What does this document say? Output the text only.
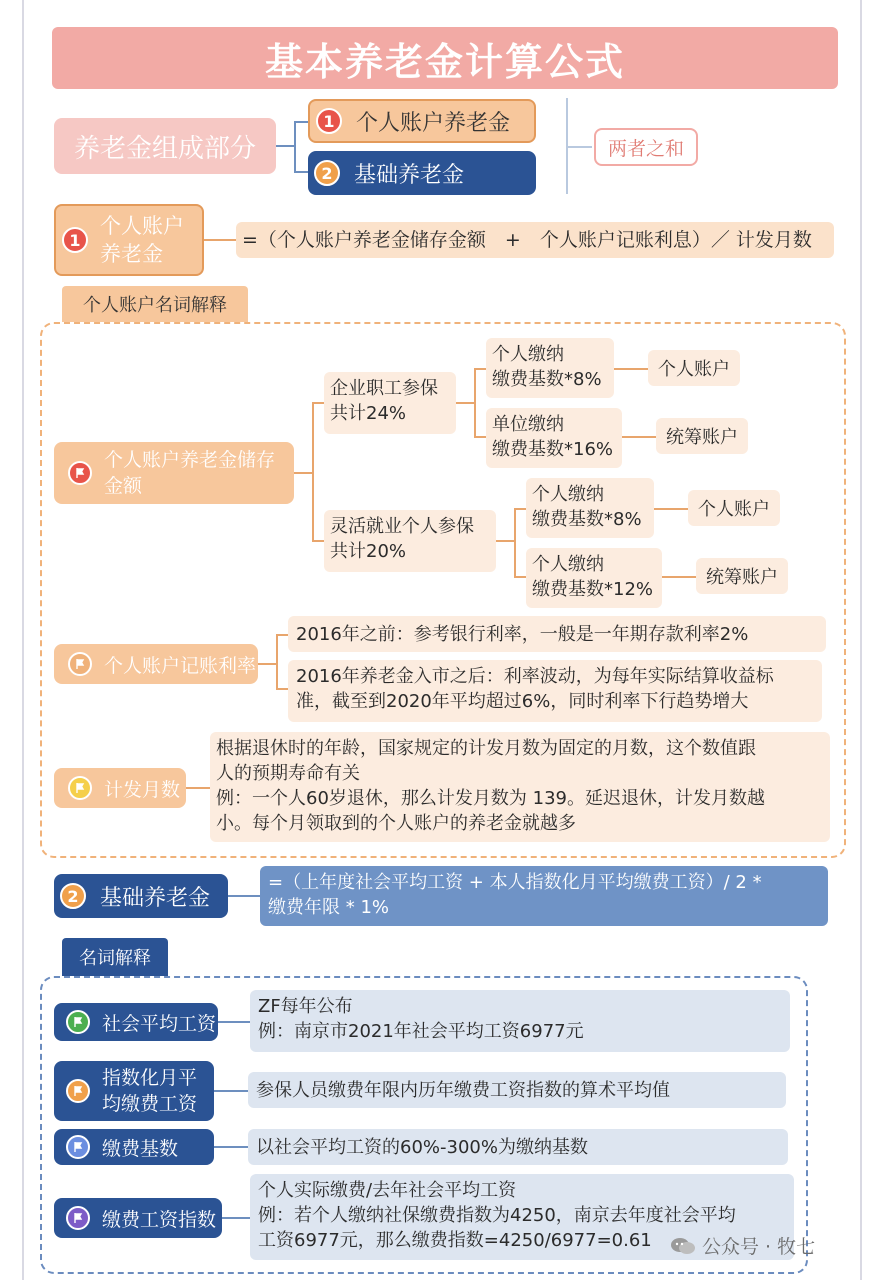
基本养老金计算公式
养老金组成部分
1 个人账户养老金
2 基础养老金
两者之和
1
个人账户
养老金
=（个人账户养老金储存金额　+　个人账户记账利息）／ 计发月数
个人账户名词解释
个人账户养老金储存
金额
企业职工参保
共计24%
个人缴纳
缴费基数*8%	个人账户
单位缴纳
缴费基数*16%
统筹账户
灵活就业个人参保
共计20%
个人缴纳
缴费基数*8%	个人账户
个人缴纳
缴费基数*12%
统筹账户
个人账户记账利率
2016年之前：参考银行利率，一般是一年期存款利率2%
2016年养老金入市之后：利率波动，为每年实际结算收益标
准，截至到2020年平均超过6%，同时利率下行趋势增大
计发月数
根据退休时的年龄，国家规定的计发月数为固定的月数，这个数值跟
人的预期寿命有关
例：一个人60岁退休，那么计发月数为 139。延迟退休，计发月数越
小。每个月领取到的个人账户的养老金就越多
2 基础养老金
=（上年度社会平均工资 + 本人指数化月平均缴费工资）/ 2 *
缴费年限 * 1%
名词解释
社会平均工资
ZF每年公布
例：南京市2021年社会平均工资6977元
指数化月平
均缴费工资
参保人员缴费年限内历年缴费工资指数的算术平均值
缴费基数	以社会平均工资的60%-300%为缴纳基数
缴费工资指数
个人实际缴费/去年社会平均工资
例：若个人缴纳社保缴费指数为4250，南京去年度社会平均
工资6977元，那么缴费指数=4250/6977=0.61	公众号 · 牧七
